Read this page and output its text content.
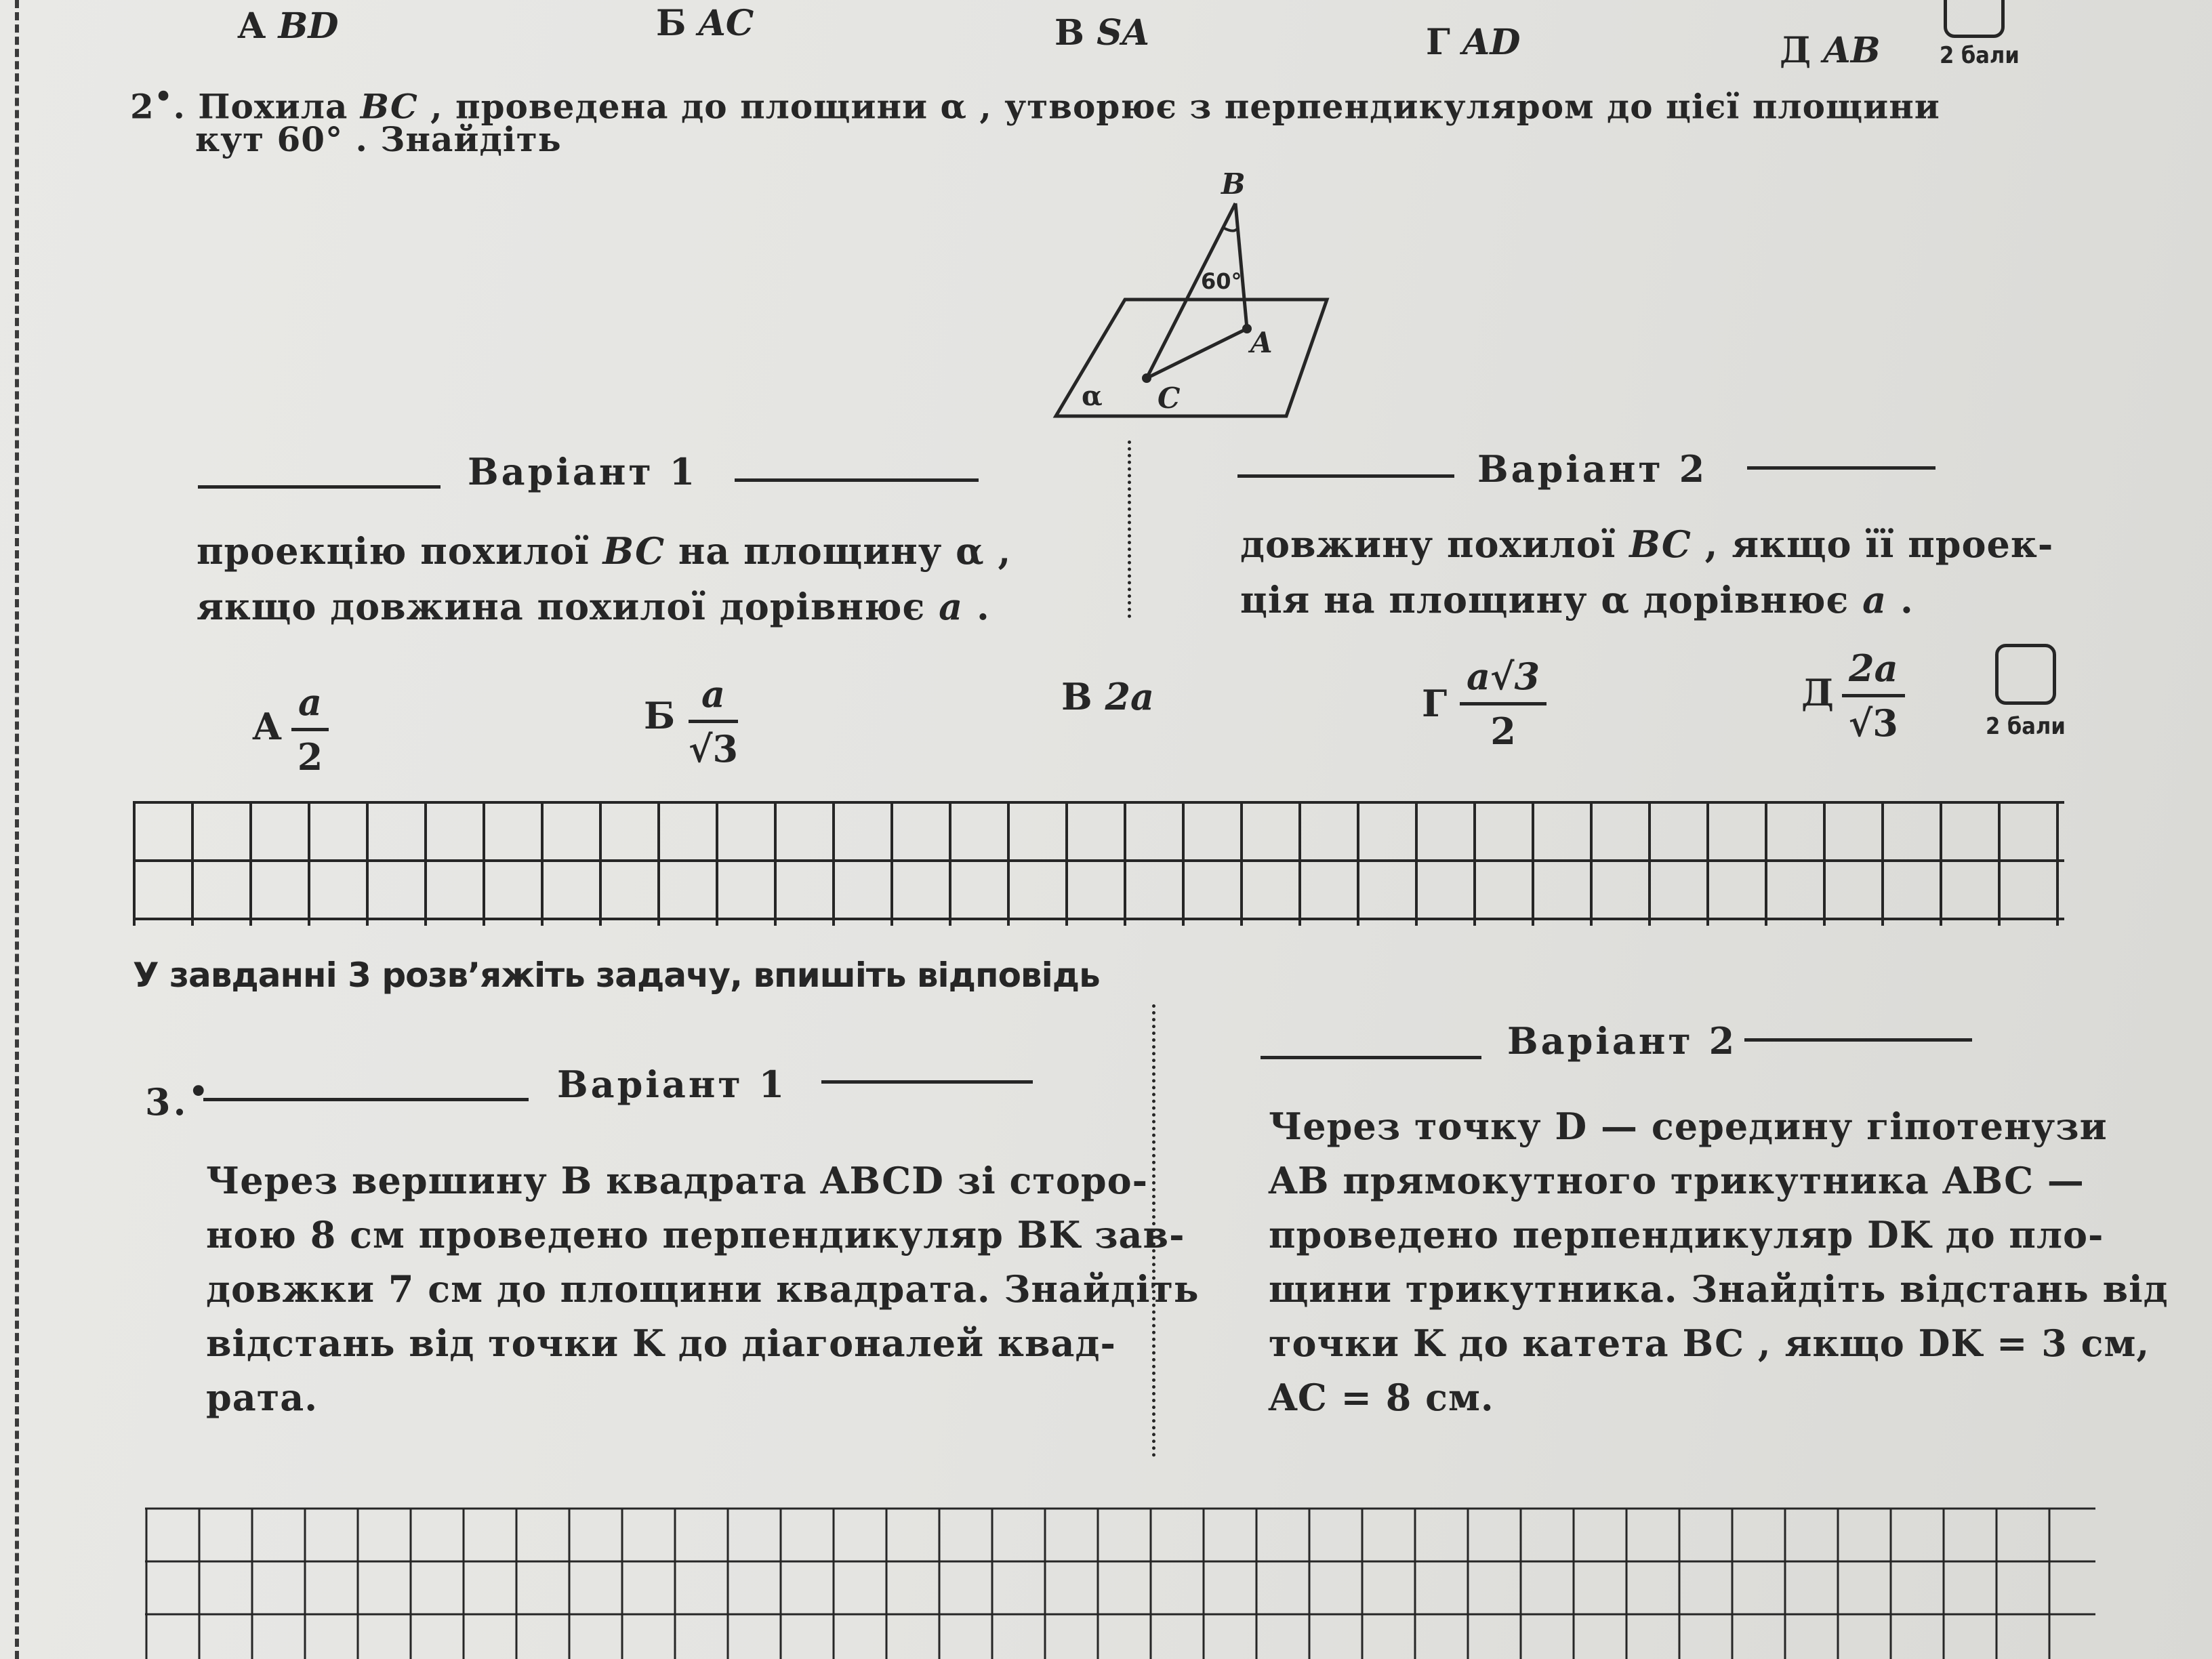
А BD	Б AC	В SA	Г AD	Д AB	2 бали
2•. Похила BC , проведена до площини α , утворює з перпендикуляром до цієї площини
кут 60° . Знайдіть
B
A
C
α
60°
Варіант 1	Варіант 2
проекцію похилої BC на площину α ,
якщо довжина похилої дорівнює a .
довжину похилої BC , якщо її проек-
ція на площину α дорівнює a .
А $\frac{a}{2}$	Б $\frac{a}{√3}$	В 2a	Г $\frac{a√3}{2}$	Д $\frac{2a}{√3}$	2 бали
У завданні 3 розв’яжіть задачу, впишіть відповідь
3.•	Варіант 1
Варіант 2
Через вершину B квадрата ABCD зі сторо-
ною 8 см проведено перпендикуляр BK зав-
довжки 7 см до площини квадрата. Знайдіть
відстань від точки K до діагоналей квад-
рата.
Через точку D — середину гіпотенузи
AB прямокутного трикутника ABC —
проведено перпендикуляр DK до пло-
щини трикутника. Знайдіть відстань від
точки K до катета BC , якщо DK = 3 см,
AC = 8 см.
